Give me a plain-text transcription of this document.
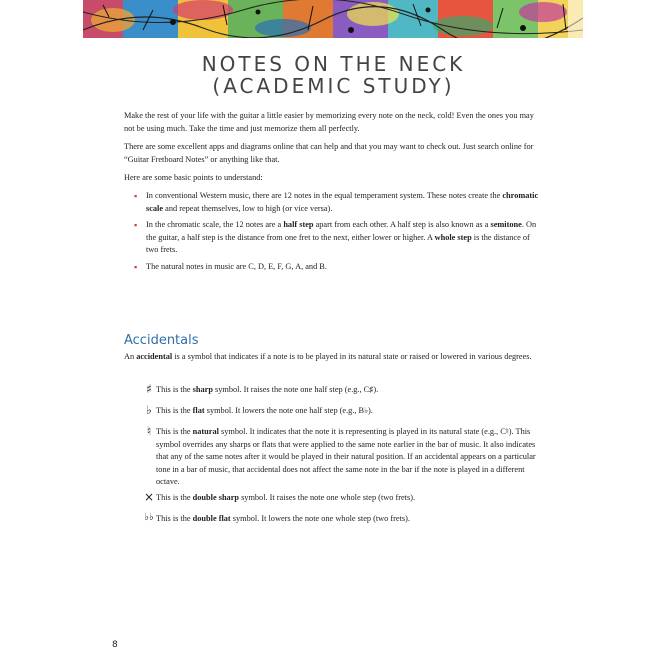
NOTES ON THE NECK
(ACADEMIC STUDY)

Make the rest of your life with the guitar a little easier by memorizing every note on the neck, cold! Even the ones you may not be using much. Take the time and just memorize them all perfectly.

There are some excellent apps and diagrams online that can help and that you may want to check out. Just search online for “Guitar Fretboard Notes” or anything like that.

Here are some basic points to understand:

▪ In conventional Western music, there are 12 notes in the equal temperament system. These notes create the chromatic scale and repeat themselves, low to high (or vice versa).
▪ In the chromatic scale, the 12 notes are a half step apart from each other. A half step is also known as a semitone. On the guitar, a half step is the distance from one fret to the next, either lower or higher. A whole step is the distance of two frets.
▪ The natural notes in music are C, D, E, F, G, A, and B.
Accidentals

An accidental is a symbol that indicates if a note is to be played in its natural state or raised or lowered in various degrees.

♯ This is the sharp symbol. It raises the note one half step (e.g., C♯).
♭ This is the flat symbol. It lowers the note one half step (e.g., B♭).
♮ This is the natural symbol. It indicates that the note it is representing is played in its natural state (e.g., C♮). This symbol overrides any sharps or flats that were applied to the same note earlier in the bar of music. It also indicates that any of the same notes after it would be played in their natural position. If an accidental appears on a particular tone in a bar of music, that accidental does not affect the same note in the bar if the note is played in a different octave.
× This is the double sharp symbol. It raises the note one whole step (two frets).
♭♭ This is the double flat symbol. It lowers the note one whole step (two frets).
8
